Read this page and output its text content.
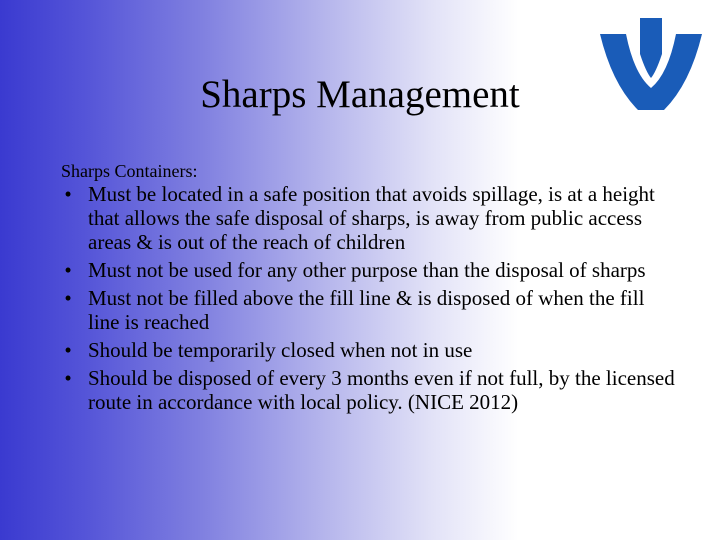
Sharps Management

Sharps Containers:

• Must be located in a safe position that avoids spillage, is at a height that allows the safe disposal of sharps, is away from public access areas & is out of the reach of children
• Must not be used for any other purpose than the disposal of sharps
• Must not be filled above the fill line & is disposed of when the fill line is reached
• Should be temporarily closed when not in use
• Should be disposed of every 3 months even if not full, by the licensed route in accordance with local policy. (NICE 2012)
